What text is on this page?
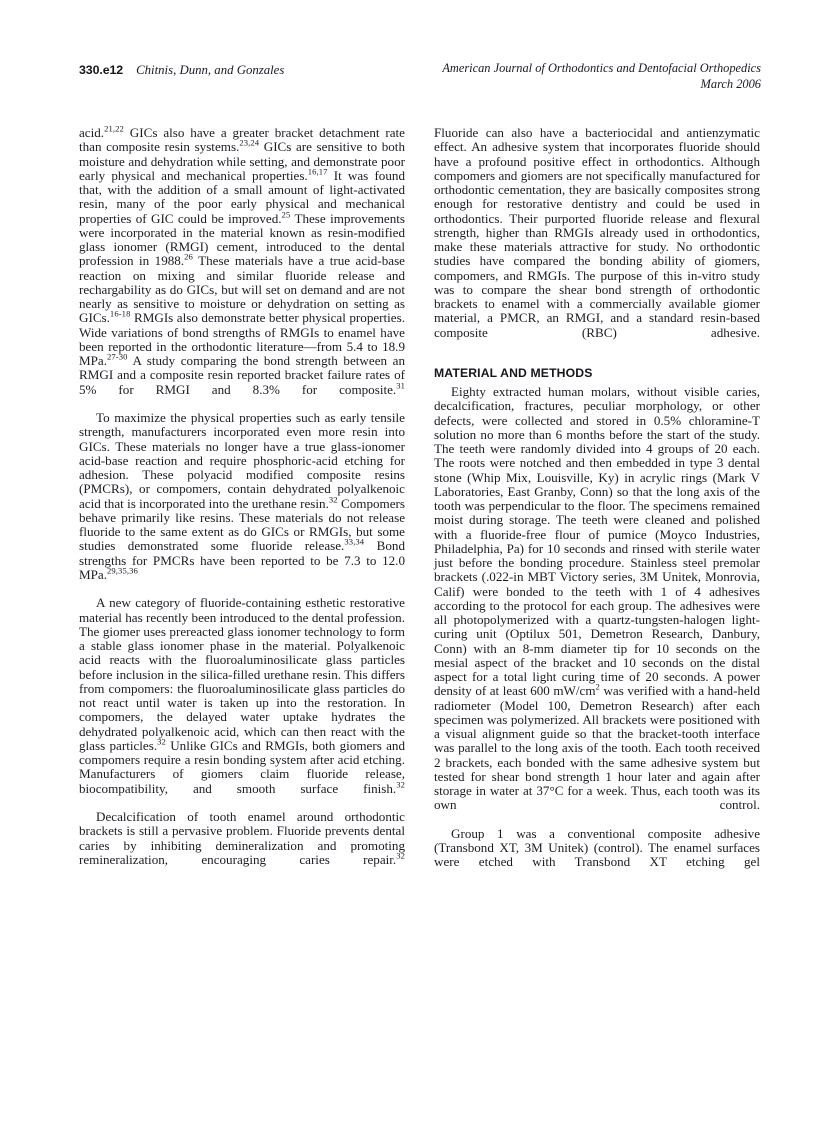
330.e12 Chitnis, Dunn, and Gonzales	American Journal of Orthodontics and Dentofacial Orthopedics
March 2006

acid.$^{21,22}$ GICs also have a greater bracket detachment rate than composite resin systems.$^{23,24}$ GICs are sensitive to both moisture and dehydration while setting, and demonstrate poor early physical and mechanical properties.$^{16,17}$ It was found that, with the addition of a small amount of light-activated resin, many of the poor early physical and mechanical properties of GIC could be improved.$^{25}$ These improvements were incorporated in the material known as resin-modified glass ionomer (RMGI) cement, introduced to the dental profession in 1988.26 These materials have a true acid-base reaction on mixing and similar fluoride release and rechargability as do GICs, but will set on demand and are not nearly as sensitive to moisture or dehydration on setting as GICs.$^{16-18}$ RMGIs also demonstrate better physical properties. Wide variations of bond strengths of RMGIs to enamel have been reported in the orthodontic literature—from 5.4 to 18.9 MPa.$^{27-30}$ A study comparing the bond strength between an RMGI and a composite resin reported bracket failure rates of 5% for RMGI and 8.3% for composite.$^{31}$

To maximize the physical properties such as early tensile strength, manufacturers incorporated even more resin into GICs. These materials no longer have a true glass-ionomer acid-base reaction and require phosphoric-acid etching for adhesion. These polyacid modified composite resins (PMCRs), or compomers, contain dehydrated polyalkenoic acid that is incorporated into the urethane resin.$^{32}$ Compomers behave primarily like resins. These materials do not release fluoride to the same extent as do GICs or RMGIs, but some studies demonstrated some fluoride release.$^{33,34}$ Bond strengths for PMCRs have been reported to be 7.3 to 12.0 MPa.$^{29,35,36}$

A new category of fluoride-containing esthetic restorative material has recently been introduced to the dental profession. The giomer uses prereacted glass ionomer technology to form a stable glass ionomer phase in the material. Polyalkenoic acid reacts with the fluoroaluminosilicate glass particles before inclusion in the silica-filled urethane resin. This differs from compomers: the fluoroaluminosilicate glass particles do not react until water is taken up into the restoration. In compomers, the delayed water uptake hydrates the dehydrated polyalkenoic acid, which can then react with the glass particles.$^{32}$ Unlike GICs and RMGIs, both giomers and compomers require a resin bonding system after acid etching. Manufacturers of giomers claim fluoride release, biocompatibility, and smooth surface finish.$^{32}$

Decalcification of tooth enamel around orthodontic brackets is still a pervasive problem. Fluoride prevents dental caries by inhibiting demineralization and promoting remineralization, encouraging caries repair.$^{32}$

Fluoride can also have a bacteriocidal and antienzymatic effect. An adhesive system that incorporates fluoride should have a profound positive effect in orthodontics. Although compomers and giomers are not specifically manufactured for orthodontic cementation, they are basically composites strong enough for restorative dentistry and could be used in orthodontics. Their purported fluoride release and flexural strength, higher than RMGIs already used in orthodontics, make these materials attractive for study. No orthodontic studies have compared the bonding ability of giomers, compomers, and RMGIs. The purpose of this in-vitro study was to compare the shear bond strength of orthodontic brackets to enamel with a commercially available giomer material, a PMCR, an RMGI, and a standard resin-based composite (RBC) adhesive.

MATERIAL AND METHODS

Eighty extracted human molars, without visible caries, decalcification, fractures, peculiar morphology, or other defects, were collected and stored in 0.5% chloramine-T solution no more than 6 months before the start of the study. The teeth were randomly divided into 4 groups of 20 each. The roots were notched and then embedded in type 3 dental stone (Whip Mix, Louisville, Ky) in acrylic rings (Mark V Laboratories, East Granby, Conn) so that the long axis of the tooth was perpendicular to the floor. The specimens remained moist during storage. The teeth were cleaned and polished with a fluoride-free flour of pumice (Moyco Industries, Philadelphia, Pa) for 10 seconds and rinsed with sterile water just before the bonding procedure. Stainless steel premolar brackets (.022-in MBT Victory series, 3M Unitek, Monrovia, Calif) were bonded to the teeth with 1 of 4 adhesives according to the protocol for each group. The adhesives were all photopolymerized with a quartz-tungsten-halogen light-curing unit (Optilux 501, Demetron Research, Danbury, Conn) with an 8-mm diameter tip for 10 seconds on the mesial aspect of the bracket and 10 seconds on the distal aspect for a total light curing time of 20 seconds. A power density of at least 600 $mW/cm^2$ was verified with a hand-held radiometer (Model 100, Demetron Research) after each specimen was polymerized. All brackets were positioned with a visual alignment guide so that the bracket-tooth interface was parallel to the long axis of the tooth. Each tooth received 2 brackets, each bonded with the same adhesive system but tested for shear bond strength 1 hour later and again after storage in water at 37°C for a week. Thus, each tooth was its own control.

Group 1 was a conventional composite adhesive (Transbond XT, 3M Unitek) (control). The enamel surfaces were etched with Transbond XT etching gel
